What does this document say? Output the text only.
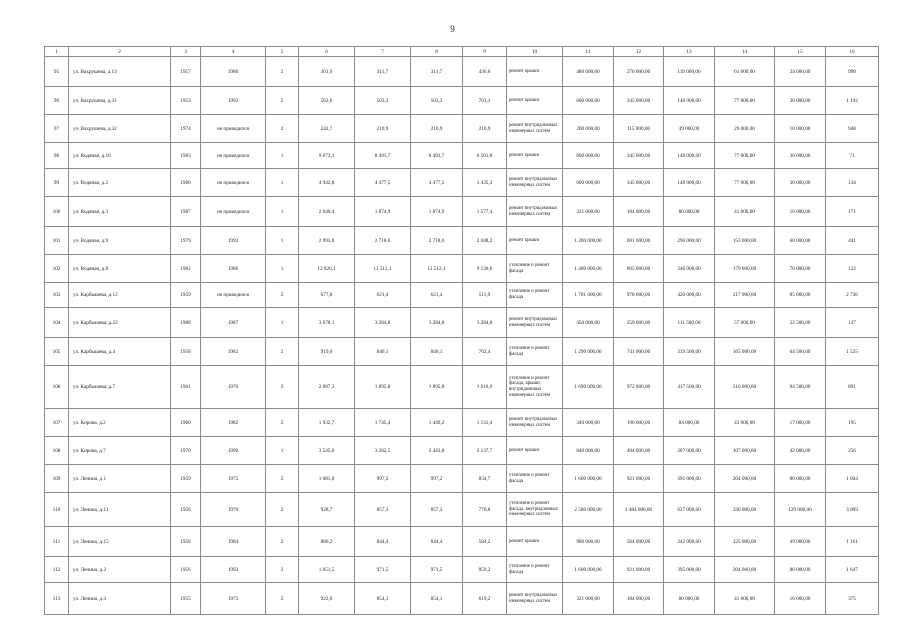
9
1	2	3	4	5	6	7	8	9	10	11	12	13	14	15	16
95	ул. Вахрушева, д.13	1957	1986	2	361,9	311,7	311,7	436,6	ремонт крыши	480 000,00	276 000,00	119 000,00	61 000,00	24 000,00	998
96	ул. Вахрушева, д.31	1953	1992	2	562,6	503,3	503,3	701,1	ремонт крыши	600 000,00	345 000,00	148 000,00	77 000,00	30 000,00	1 192
97	ул. Вахрушева, д.32	1974	не проводился	2	242,7	210,9	210,9	210,9	ремонт внутридомовых инженерных систем	200 000,00	115 000,00	49 000,00	26 000,00	10 000,00	948
98	ул. Водяная, д.16	1983	не проводился	1	9 673,1	8 491,7	8 491,7	6 501,8	ремонт крыши	600 000,00	345 000,00	148 000,00	77 000,00	30 000,00	71
99	ул. Водяная, д.2	1980	не проводился	1	4 942,8	4 477,5	4 477,5	3 435,3	ремонт внутридомовых инженерных систем	600 000,00	345 000,00	148 000,00	77 000,00	30 000,00	134
100	ул. Водяная, д.3	1987	не проводился	1	2 040,4	1 874,9	1 874,9	1 577,4	ремонт внутридомовых инженерных систем	321 000,00	184 000,00	80 000,00	41 000,00	16 000,00	171
101	ул. Водяная, д.9	1979	1992	1	2 993,8	2 718,6	2 718,6	2 048,2	ремонт крыши	1 200 000,00	691 000,00	296 000,00	153 000,00	60 000,00	441
102	ул. Водяная, д.8	1982	1986	1	12 820,1	11 512,1	11 512,1	9 130,6	утепление и ремонт фасада	1 400 000,00	805 000,00	346 000,00	179 000,00	70 000,00	122
103	ул. Карбышева, д.12	1959	не проводился	2	677,8	621,4	621,4	511,9	утепление и ремонт фасада	1 701 000,00	978 000,00	420 000,00	217 000,00	85 000,00	2 736
104	ул. Карбышева, д.22	1988	1987	1	3 678,1	3 284,8	3 284,8	3 284,8	ремонт внутридомовых инженерных систем	450 000,00	259 000,00	111 500,00	57 000,00	22 500,00	137
105	ул. Карбышева, д.4	1958	1982	2	919,0	846,1	846,1	762,4	утепление и ремонт фасада	1 290 000,00	741 000,00	319 500,00	165 000,00	64 500,00	1 525
106	ул. Карбышева, д.7	1961	1976	2	2 087,3	1 895,8	1 895,8	1 616,9	утепление и ремонт фасада, крыши, внутридомовых инженерных систем	1 690 000,00	972 000,00	417 500,00	216 000,00	84 500,00	891
107	ул. Кирова, д.2	1960	1982	2	1 932,7	1 745,4	1 449,2	1 131,4	ремонт внутридомовых инженерных систем	340 000,00	196 000,00	84 000,00	43 000,00	17 000,00	195
108	ул. Кирова, д.7	1970	1990	1	3 545,0	3 282,5	2 443,8	2 137,7	ремонт крыши	840 000,00	484 000,00	207 000,00	107 000,00	42 000,00	256
109	ул. Ленина, д.1	1959	1972	2	1 081,8	997,2	997,2	834,7	утепление и ремонт фасада	1 600 000,00	921 000,00	395 000,00	204 000,00	80 000,00	1 604
110	ул. Ленина, д.11	1956	1976	2	928,7	857,3	857,3	770,8	утепление и ремонт фасада, внутридомовых инженерных систем	2 580 000,00	1 484 000,00	637 000,00	330 000,00	129 000,00	3 009
111	ул. Ленина, д.15	1958	1984	2	880,2	844,4	844,4	584,2	ремонт крыши	980 000,00	564 000,00	242 000,00	125 000,00	49 000,00	1 161
112	ул. Ленина, д.2	1956	1993	2	1 051,5	971,5	971,5	859,2	утепление и ремонт фасада	1 600 000,00	921 000,00	395 000,00	204 000,00	80 000,00	1 647
113	ул. Ленина, д.3	1955	1973	2	922,0	854,1	854,1	619,2	ремонт внутридомовых инженерных систем	321 000,00	184 000,00	80 000,00	41 000,00	16 000,00	375
